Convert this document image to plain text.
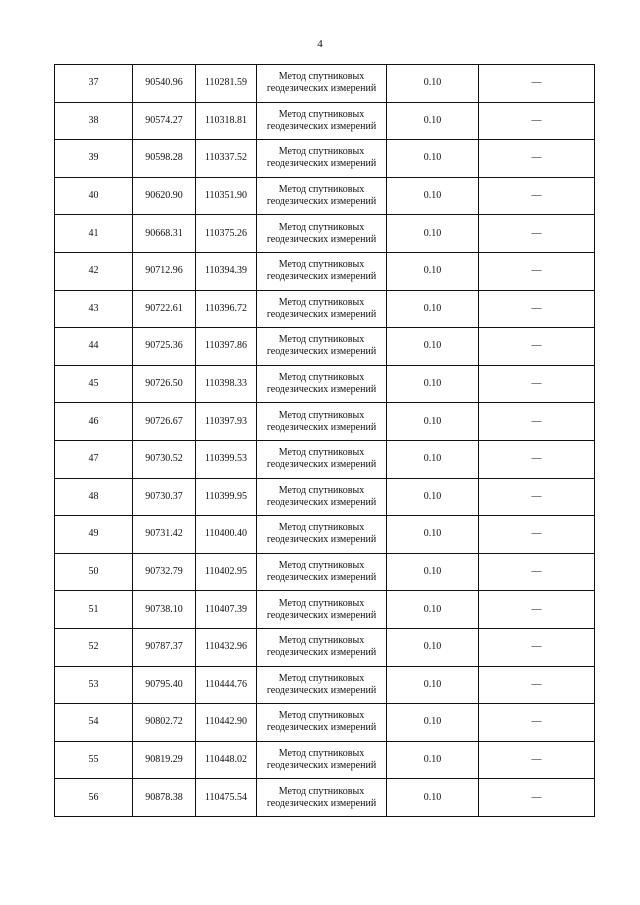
4
37	90540.96	110281.59	Метод спутниковых
геодезических измерений	0.10	—
38	90574.27	110318.81	Метод спутниковых
геодезических измерений	0.10	—
39	90598.28	110337.52	Метод спутниковых
геодезических измерений	0.10	—
40	90620.90	110351.90	Метод спутниковых
геодезических измерений	0.10	—
41	90668.31	110375.26	Метод спутниковых
геодезических измерений	0.10	—
42	90712.96	110394.39	Метод спутниковых
геодезических измерений	0.10	—
43	90722.61	110396.72	Метод спутниковых
геодезических измерений	0.10	—
44	90725.36	110397.86	Метод спутниковых
геодезических измерений	0.10	—
45	90726.50	110398.33	Метод спутниковых
геодезических измерений	0.10	—
46	90726.67	110397.93	Метод спутниковых
геодезических измерений	0.10	—
47	90730.52	110399.53	Метод спутниковых
геодезических измерений	0.10	—
48	90730.37	110399.95	Метод спутниковых
геодезических измерений	0.10	—
49	90731.42	110400.40	Метод спутниковых
геодезических измерений	0.10	—
50	90732.79	110402.95	Метод спутниковых
геодезических измерений	0.10	—
51	90738.10	110407.39	Метод спутниковых
геодезических измерений	0.10	—
52	90787.37	110432.96	Метод спутниковых
геодезических измерений	0.10	—
53	90795.40	110444.76	Метод спутниковых
геодезических измерений	0.10	—
54	90802.72	110442.90	Метод спутниковых
геодезических измерений	0.10	—
55	90819.29	110448.02	Метод спутниковых
геодезических измерений	0.10	—
56	90878.38	110475.54	Метод спутниковых
геодезических измерений	0.10	—
